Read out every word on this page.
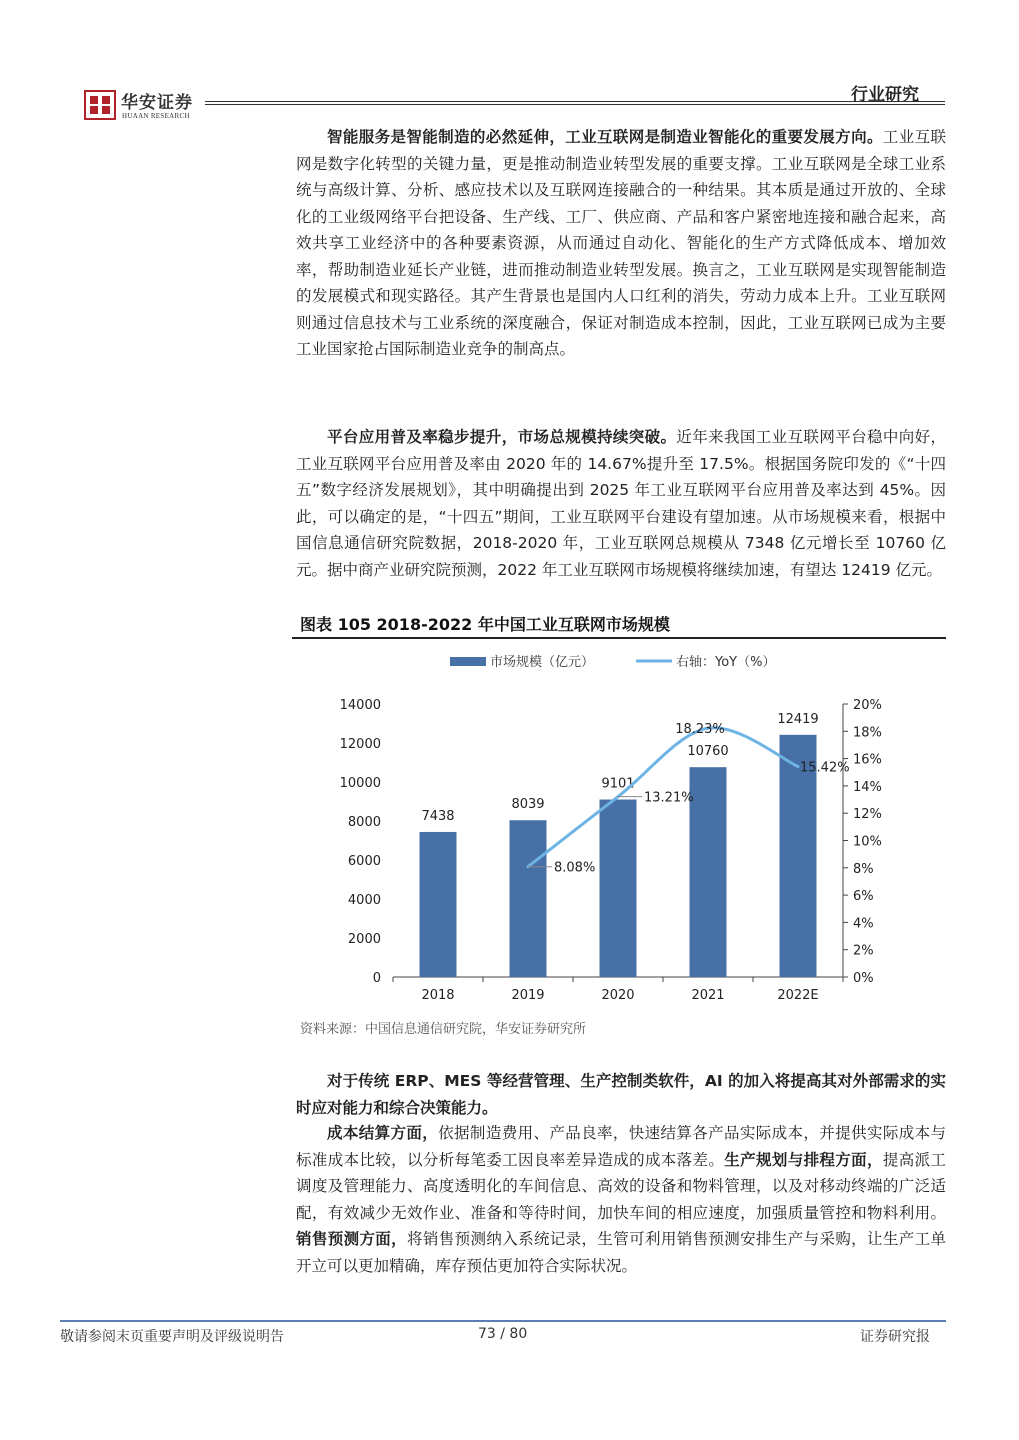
华安证券
HUAAN RESEARCH
行业研究
智能服务是智能制造的必然延伸，工业互联网是制造业智能化的重要发展方向。工业互联网是数字化转型的关键力量，更是推动制造业转型发展的重要支撑。工业互联网是全球工业系统与高级计算、分析、感应技术以及互联网连接融合的一种结果。其本质是通过开放的、全球化的工业级网络平台把设备、生产线、工厂、供应商、产品和客户紧密地连接和融合起来，高效共享工业经济中的各种要素资源，从而通过自动化、智能化的生产方式降低成本、增加效率，帮助制造业延长产业链，进而推动制造业转型发展。换言之，工业互联网是实现智能制造的发展模式和现实路径。其产生背景也是国内人口红利的消失，劳动力成本上升。工业互联网则通过信息技术与工业系统的深度融合，保证对制造成本控制，因此，工业互联网已成为主要工业国家抢占国际制造业竞争的制高点。
平台应用普及率稳步提升，市场总规模持续突破。近年来我国工业互联网平台稳中向好，工业互联网平台应用普及率由 2020 年的 14.67%提升至 17.5%。根据国务院印发的《“十四五”数字经济发展规划》，其中明确提出到 2025 年工业互联网平台应用普及率达到 45%。因此，可以确定的是，“十四五”期间，工业互联网平台建设有望加速。从市场规模来看，根据中国信息通信研究院数据，2018-2020 年，工业互联网总规模从 7348 亿元增长至 10760 亿元。据中商产业研究院预测，2022 年工业互联网市场规模将继续加速，有望达 12419 亿元。
图表 105 2018-2022 年中国工业互联网市场规模
市场规模（亿元）	右轴：YoY（%）
0
2000
4000
6000
8000
10000
12000
14000
0%
2%
4%
6%
8%
10%
12%
14%
16%
18%
20%
2018	2019	2020	2021	2022E
7438
8039
9101
10760
12419
8.08%
13.21%
18.23%
15.42%
资料来源：中国信息通信研究院，华安证券研究所
对于传统 ERP、MES 等经营管理、生产控制类软件，AI 的加入将提高其对外部需求的实时应对能力和综合决策能力。
成本结算方面，依据制造费用、产品良率，快速结算各产品实际成本，并提供实际成本与标准成本比较，以分析每笔委工因良率差异造成的成本落差。生产规划与排程方面，提高派工调度及管理能力、高度透明化的车间信息、高效的设备和物料管理，以及对移动终端的广泛适配，有效减少无效作业、准备和等待时间，加快车间的相应速度，加强质量管控和物料利用。销售预测方面，将销售预测纳入系统记录，生管可利用销售预测安排生产与采购，让生产工单开立可以更加精确，库存预估更加符合实际状况。
敬请参阅末页重要声明及评级说明告	73 / 80	证券研究报
